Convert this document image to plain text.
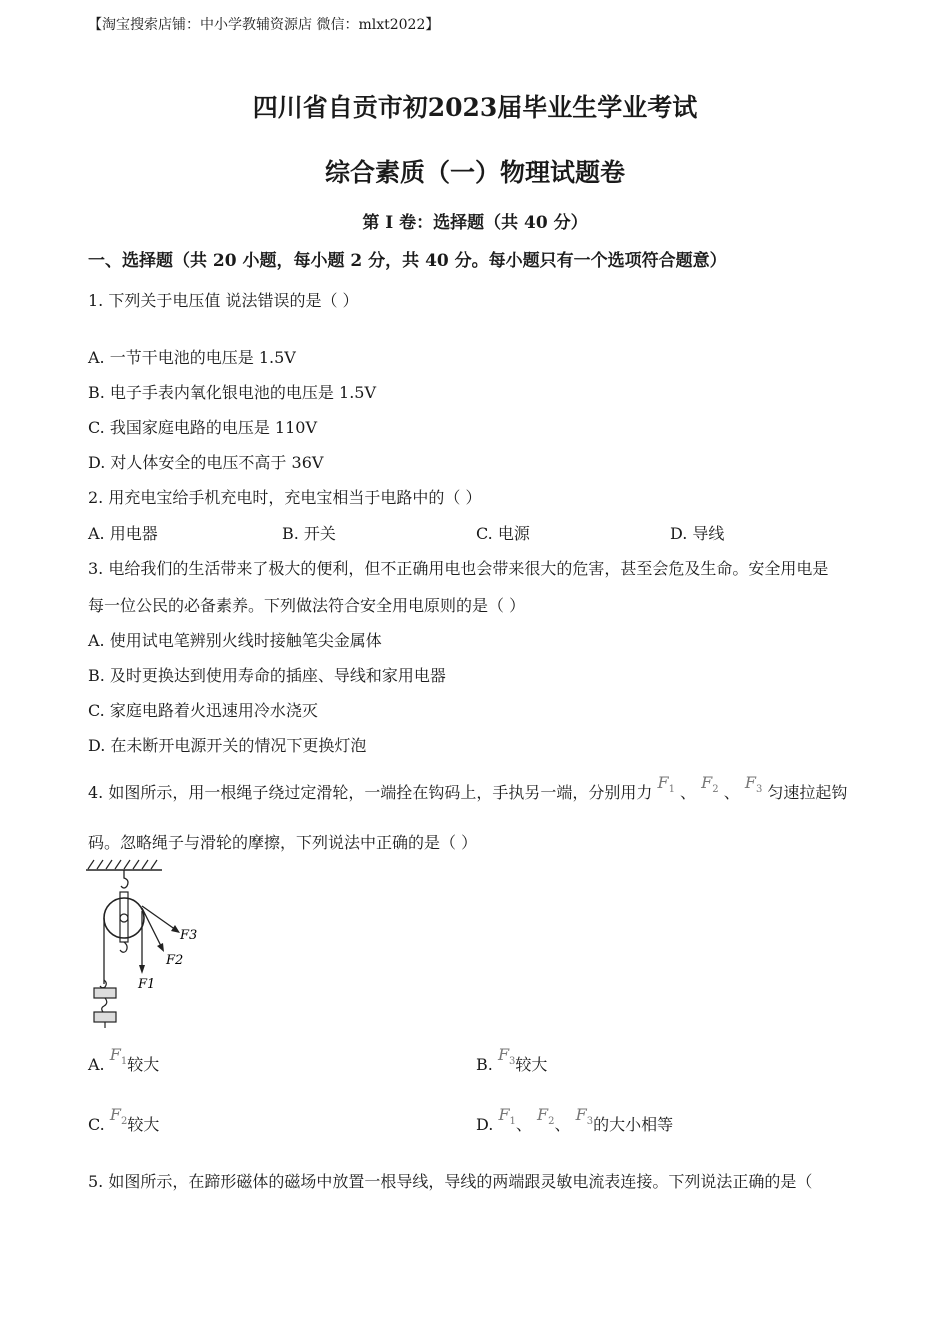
【淘宝搜索店铺：中小学教辅资源店 微信：mlxt2022】
四川省自贡市初2023届毕业生学业考试
综合素质（一）物理试题卷
第 I 卷：选择题（共 40 分）
一、选择题（共 20 小题，每小题 2 分，共 40 分。每小题只有一个选项符合题意）
1. 下列关于电压值 说法错误的是（ ）
A. 一节干电池的电压是 1.5V
B. 电子手表内氧化银电池的电压是 1.5V
C. 我国家庭电路的电压是 110V
D. 对人体安全的电压不高于 36V
2. 用充电宝给手机充电时，充电宝相当于电路中的（ ）
A. 用电器	B. 开关	C. 电源	D. 导线
3. 电给我们的生活带来了极大的便利，但不正确用电也会带来很大的危害，甚至会危及生命。安全用电是
每一位公民的必备素养。下列做法符合安全用电原则的是（ ）
A. 使用试电笔辨别火线时接触笔尖金属体
B. 及时更换达到使用寿命的插座、导线和家用电器
C. 家庭电路着火迅速用冷水浇灭
D. 在未断开电源开关的情况下更换灯泡
4. 如图所示，用一根绳子绕过定滑轮，一端拴在钩码上，手执另一端，分别用力 $F_1$ 、 $F_2$ 、 $F_3$ 匀速拉起钩
码。忽略绳子与滑轮的摩擦，下列说法中正确的是（ ）
F3
F2
F1
A. $F_1$较大	B. $F_3$较大
C. $F_2$较大	D. $F_1$、 $F_2$、 $F_3$的大小相等
5. 如图所示，在蹄形磁体的磁场中放置一根导线，导线的两端跟灵敏电流表连接。下列说法正确的是（
